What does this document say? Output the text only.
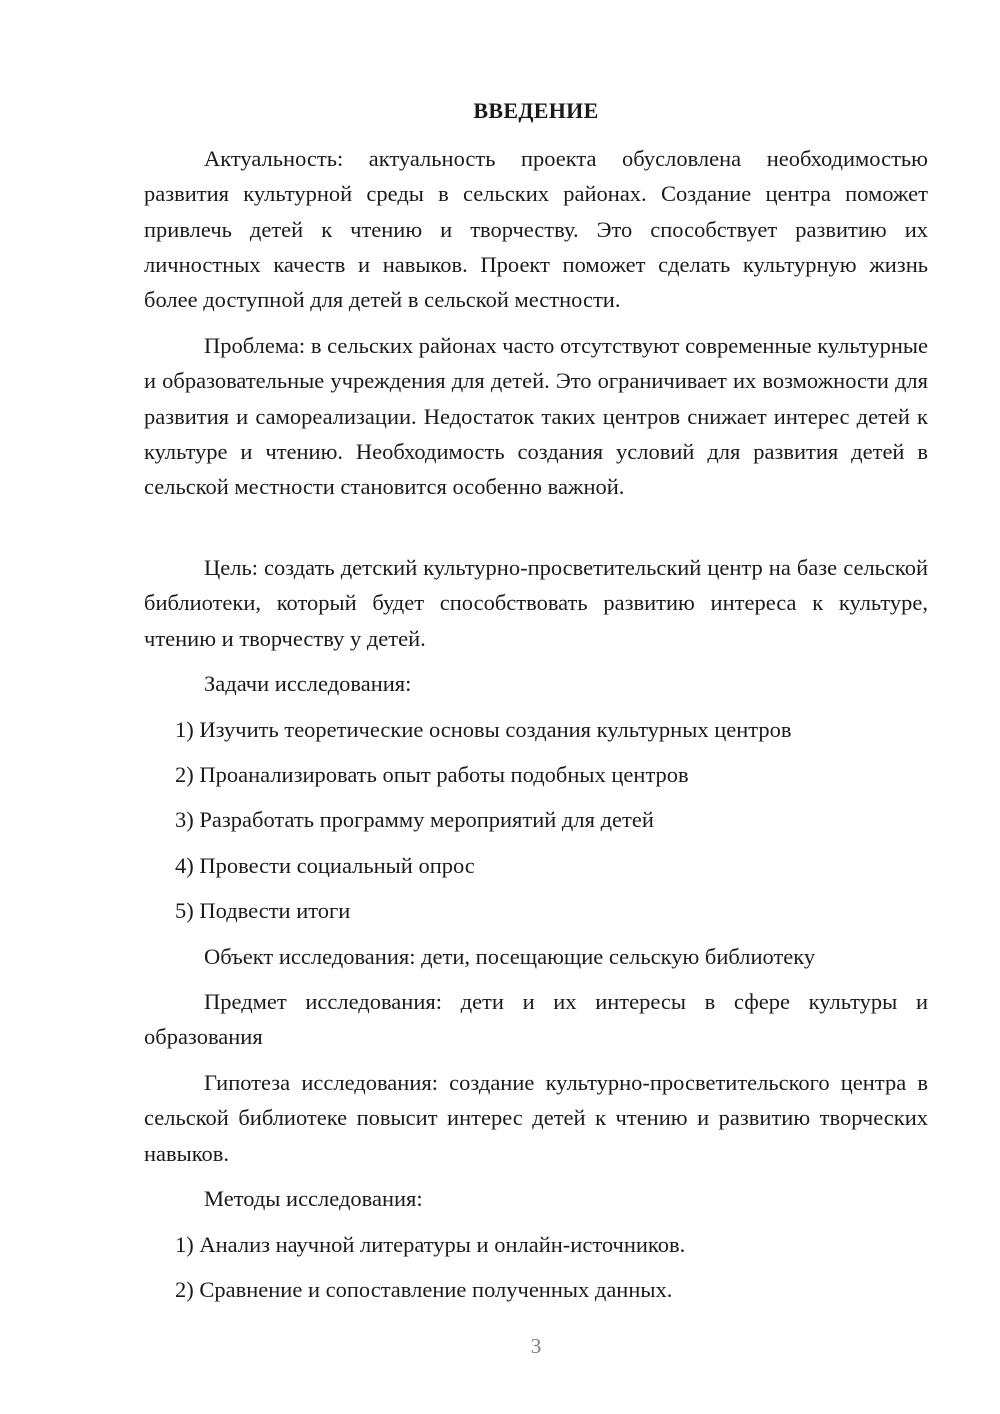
ВВЕДЕНИЕ

Актуальность: актуальность проекта обусловлена необходимостью развития культурной среды в сельских районах. Создание центра поможет привлечь детей к чтению и творчеству. Это способствует развитию их личностных качеств и навыков. Проект поможет сделать культурную жизнь более доступной для детей в сельской местности.

Проблема: в сельских районах часто отсутствуют современные культурные и образовательные учреждения для детей. Это ограничивает их возможности для развития и самореализации. Недостаток таких центров снижает интерес детей к культуре и чтению. Необходимость создания условий для развития детей в сельской местности становится особенно важной.

Цель: создать детский культурно-просветительский центр на базе сельской библиотеки, который будет способствовать развитию интереса к культуре, чтению и творчеству у детей.

Задачи исследования:

1) Изучить теоретические основы создания культурных центров
2) Проанализировать опыт работы подобных центров
3) Разработать программу мероприятий для детей
4) Провести социальный опрос
5) Подвести итоги

Объект исследования: дети, посещающие сельскую библиотеку

Предмет исследования: дети и их интересы в сфере культуры и образования

Гипотеза исследования: создание культурно-просветительского центра в сельской библиотеке повысит интерес детей к чтению и развитию творческих навыков.

Методы исследования:

1) Анализ научной литературы и онлайн-источников.
2) Сравнение и сопоставление полученных данных.
3
